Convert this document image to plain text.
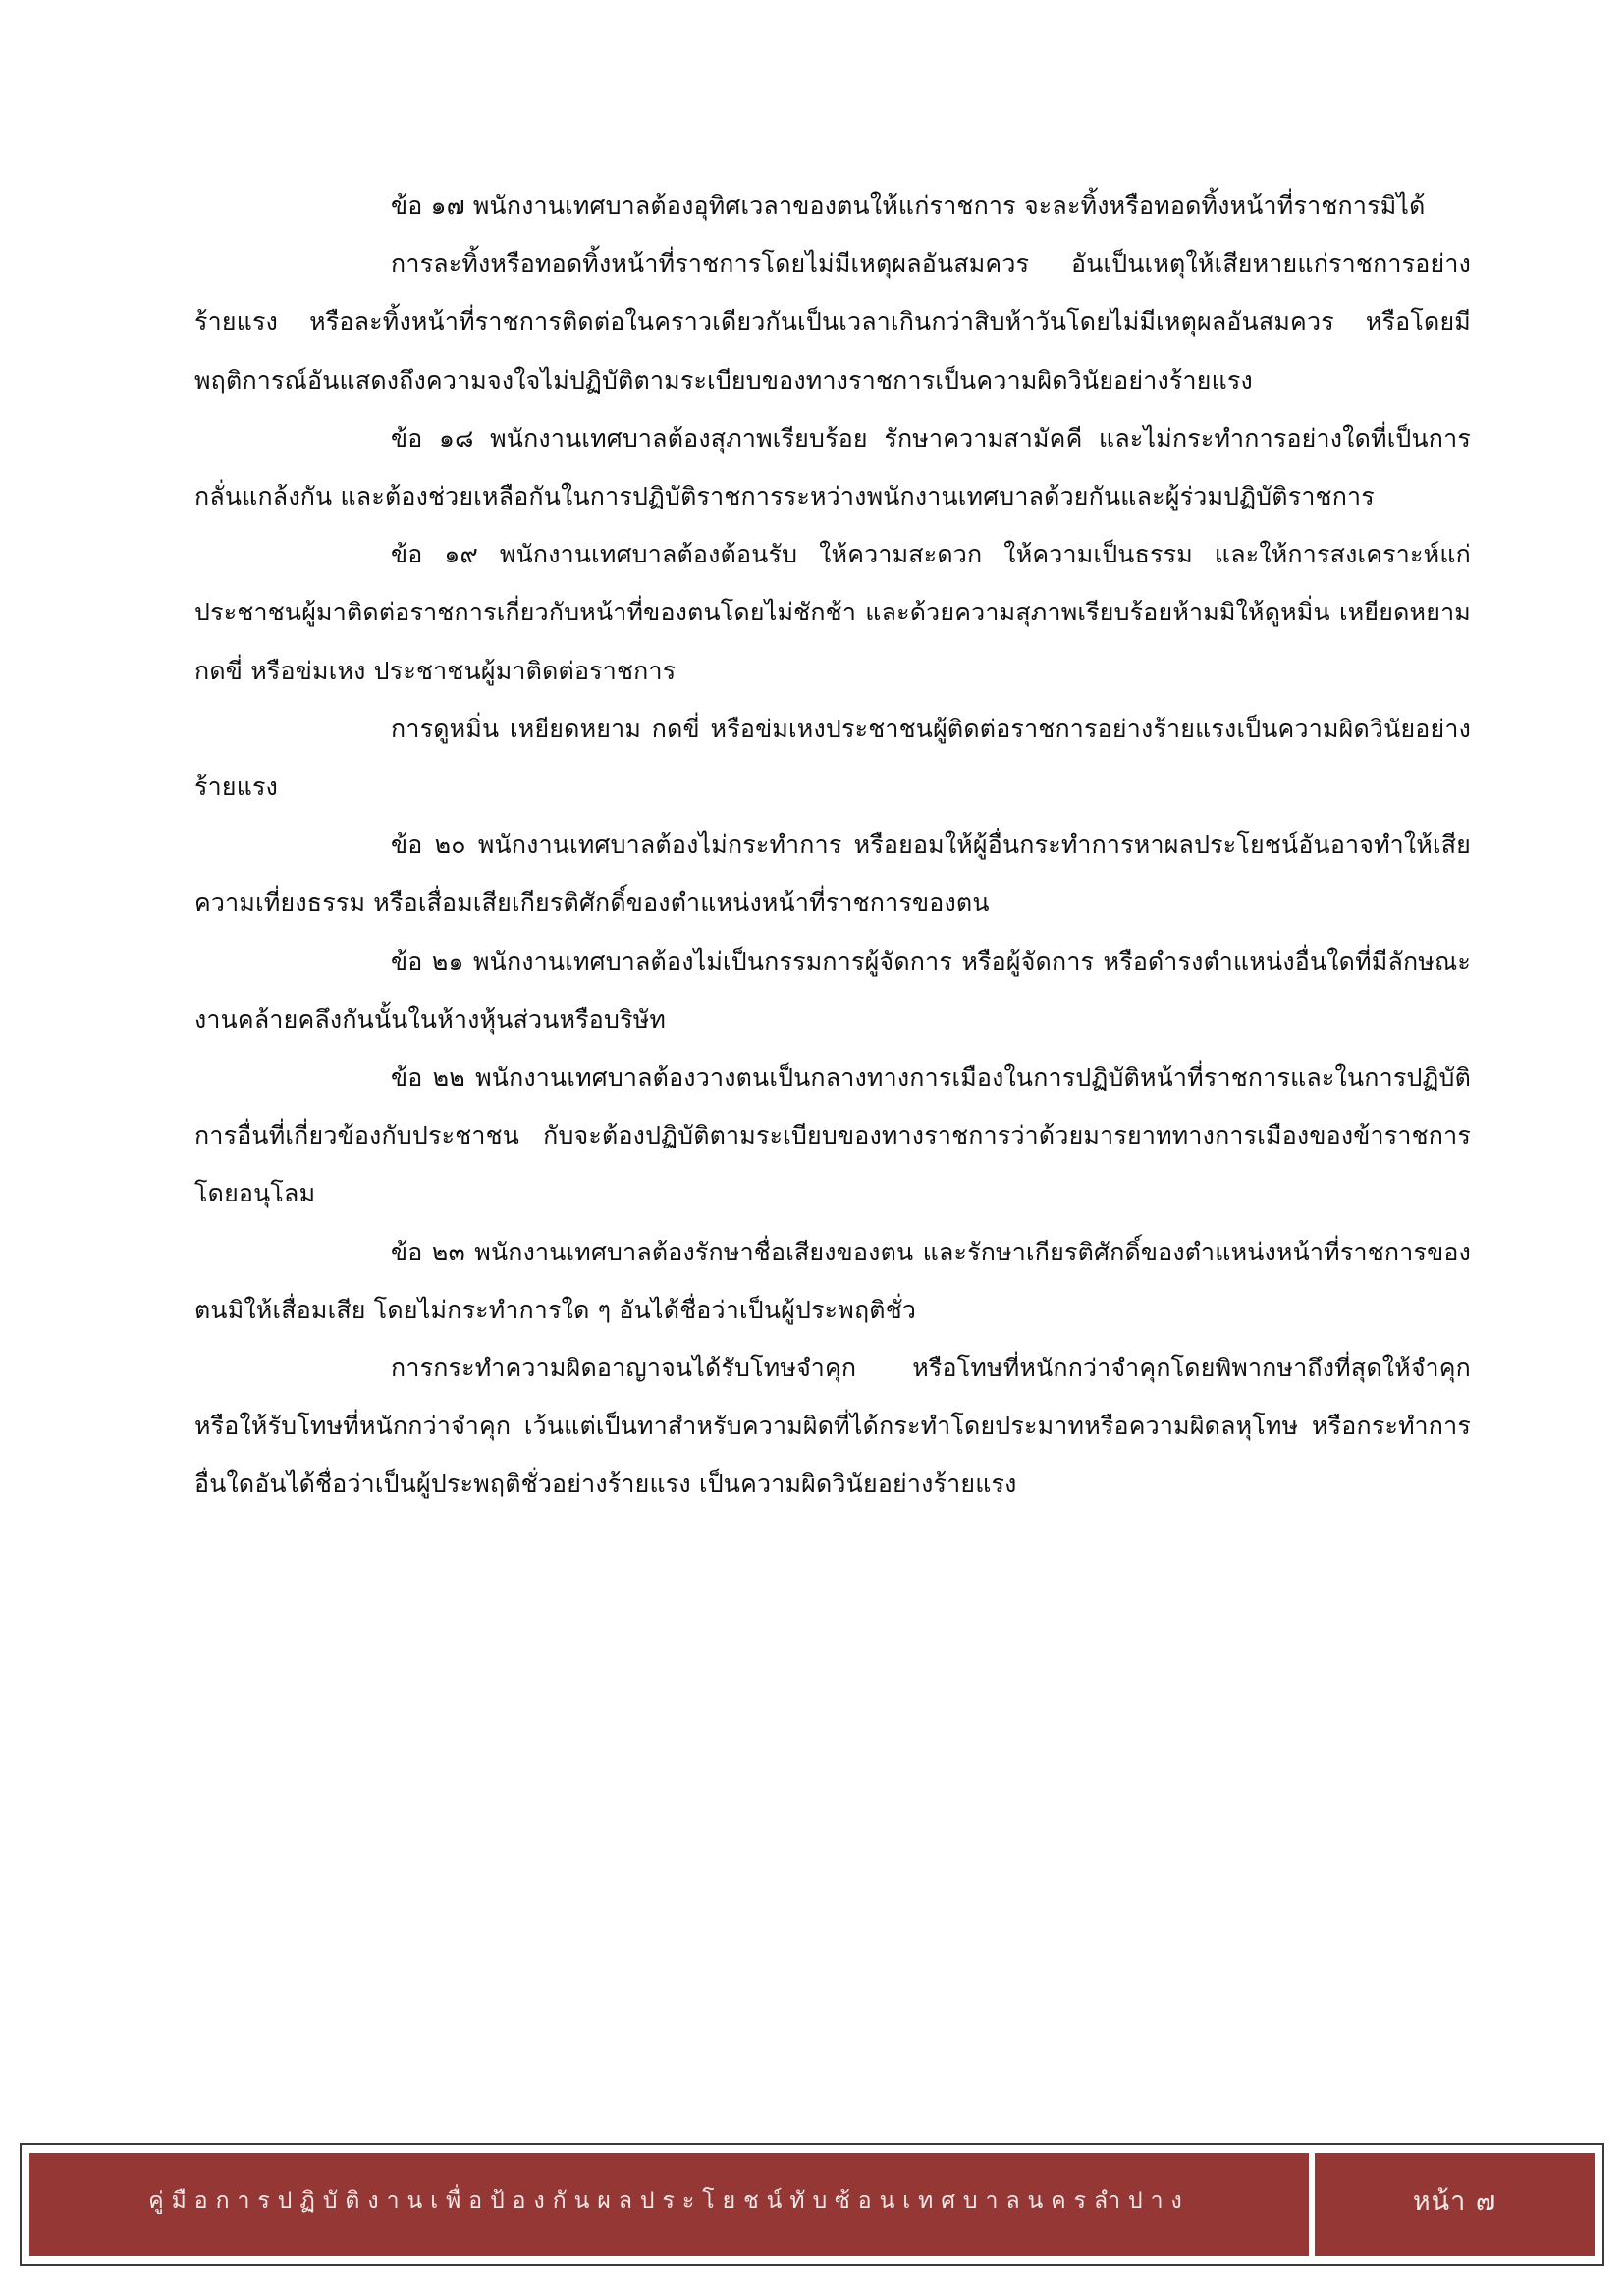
ข้อ ๑๗ พนักงานเทศบาลต้องอุทิศเวลาของตนให้แก่ราชการ จะละทิ้งหรือทอดทิ้งหน้าที่ราชการมิได้

การละทิ้งหรือทอดทิ้งหน้าที่ราชการโดยไม่มีเหตุผลอันสมควร อันเป็นเหตุให้เสียหายแก่ราชการอย่างร้ายแรง หรือละทิ้งหน้าที่ราชการติดต่อในคราวเดียวกันเป็นเวลาเกินกว่าสิบห้าวันโดยไม่มีเหตุผลอันสมควร หรือโดยมีพฤติการณ์อันแสดงถึงความจงใจไม่ปฏิบัติตามระเบียบของทางราชการเป็นความผิดวินัยอย่างร้ายแรง

ข้อ ๑๘ พนักงานเทศบาลต้องสุภาพเรียบร้อย รักษาความสามัคคี และไม่กระทำการอย่างใดที่เป็นการกลั่นแกล้งกัน และต้องช่วยเหลือกันในการปฏิบัติราชการระหว่างพนักงานเทศบาลด้วยกันและผู้ร่วมปฏิบัติราชการ

ข้อ ๑๙ พนักงานเทศบาลต้องต้อนรับ ให้ความสะดวก ให้ความเป็นธรรม และให้การสงเคราะห์แก่ประชาชนผู้มาติดต่อราชการเกี่ยวกับหน้าที่ของตนโดยไม่ชักช้า และด้วยความสุภาพเรียบร้อยห้ามมิให้ดูหมิ่น เหยียดหยาม กดขี่ หรือข่มเหง ประชาชนผู้มาติดต่อราชการ

การดูหมิ่น เหยียดหยาม กดขี่ หรือข่มเหงประชาชนผู้ติดต่อราชการอย่างร้ายแรงเป็นความผิดวินัยอย่างร้ายแรง

ข้อ ๒๐ พนักงานเทศบาลต้องไม่กระทำการ หรือยอมให้ผู้อื่นกระทำการหาผลประโยชน์อันอาจทำให้เสียความเที่ยงธรรม หรือเสื่อมเสียเกียรติศักดิ์ของตำแหน่งหน้าที่ราชการของตน

ข้อ ๒๑ พนักงานเทศบาลต้องไม่เป็นกรรมการผู้จัดการ หรือผู้จัดการ หรือดำรงตำแหน่งอื่นใดที่มีลักษณะงานคล้ายคลึงกันนั้นในห้างหุ้นส่วนหรือบริษัท

ข้อ ๒๒ พนักงานเทศบาลต้องวางตนเป็นกลางทางการเมืองในการปฏิบัติหน้าที่ราชการและในการปฏิบัติการอื่นที่เกี่ยวข้องกับประชาชน กับจะต้องปฏิบัติตามระเบียบของทางราชการว่าด้วยมารยาททางการเมืองของข้าราชการโดยอนุโลม

ข้อ ๒๓ พนักงานเทศบาลต้องรักษาชื่อเสียงของตน และรักษาเกียรติศักดิ์ของตำแหน่งหน้าที่ราชการของตนมิให้เสื่อมเสีย โดยไม่กระทำการใด ๆ อันได้ชื่อว่าเป็นผู้ประพฤติชั่ว

การกระทำความผิดอาญาจนได้รับโทษจำคุก หรือโทษที่หนักกว่าจำคุกโดยพิพากษาถึงที่สุดให้จำคุก หรือให้รับโทษที่หนักกว่าจำคุก เว้นแต่เป็นทาสำหรับความผิดที่ได้กระทำโดยประมาทหรือความผิดลหุโทษ หรือกระทำการอื่นใดอันได้ชื่อว่าเป็นผู้ประพฤติชั่วอย่างร้ายแรง เป็นความผิดวินัยอย่างร้ายแรง

คู่มือการปฏิบัติงานเพื่อป้องกันผลประโยชน์ทับซ้อนเทศบาลนครลำปาง	หน้า ๗
